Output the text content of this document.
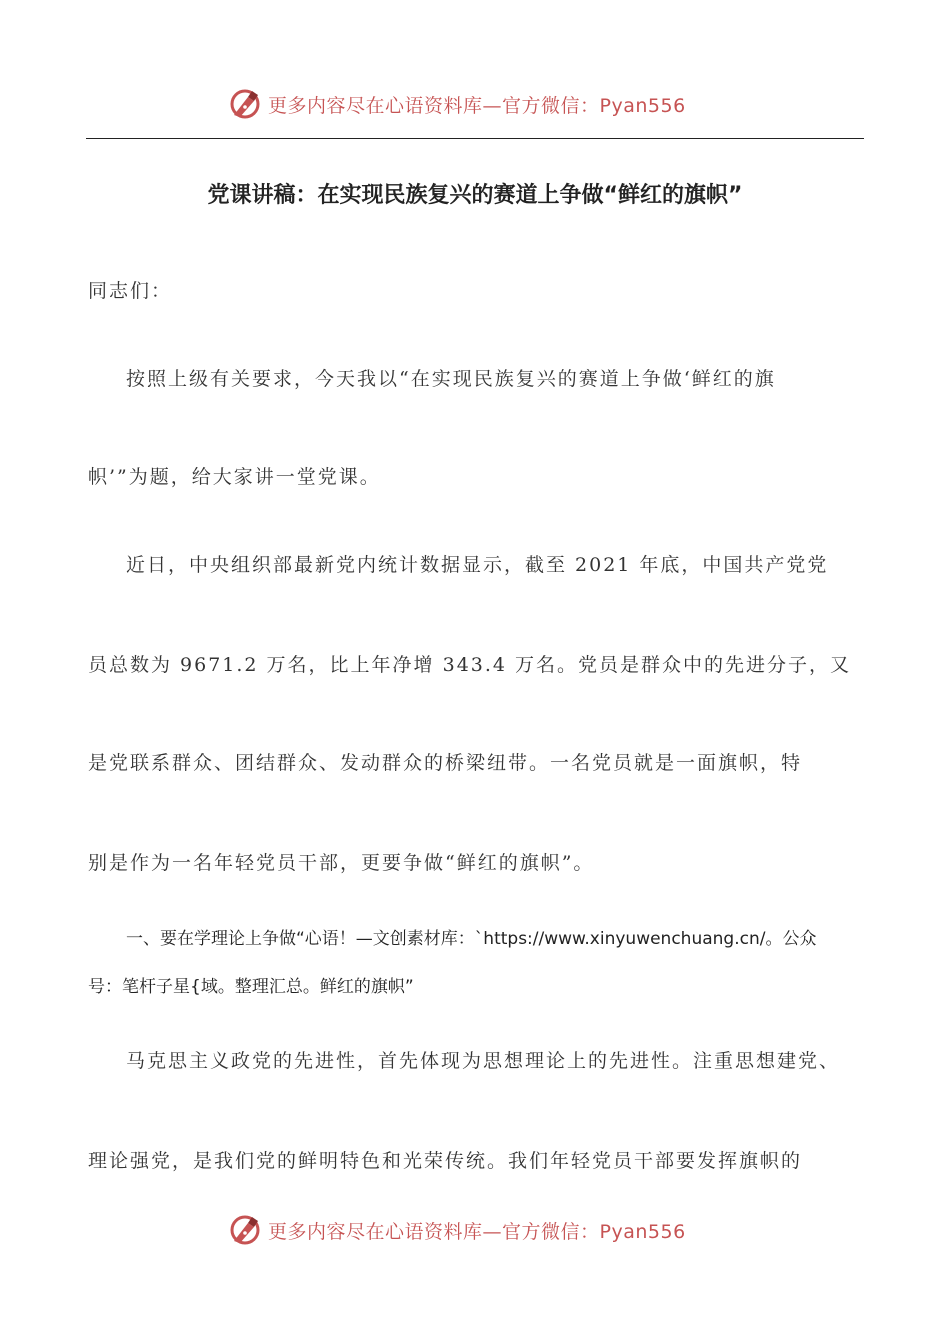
更多内容尽在心语资料库—官方微信：Pyan556
党课讲稿：在实现民族复兴的赛道上争做“鲜红的旗帜”
同志们：
按照上级有关要求，今天我以“在实现民族复兴的赛道上争做‘鲜红的旗
帜’”为题，给大家讲一堂党课。
近日，中央组织部最新党内统计数据显示，截至 2021 年底，中国共产党党
员总数为 9671.2 万名，比上年净增 343.4 万名。党员是群众中的先进分子，又
是党联系群众、团结群众、发动群众的桥梁纽带。一名党员就是一面旗帜，特
别是作为一名年轻党员干部，更要争做“鲜红的旗帜”。
一、要在学理论上争做“心语！—文创素材库：`https://www.xinyuwenchuang.cn/。公众
号：笔杆子星{域。整理汇总。鲜红的旗帜”
马克思主义政党的先进性，首先体现为思想理论上的先进性。注重思想建党、
理论强党，是我们党的鲜明特色和光荣传统。我们年轻党员干部要发挥旗帜的
更多内容尽在心语资料库—官方微信：Pyan556
